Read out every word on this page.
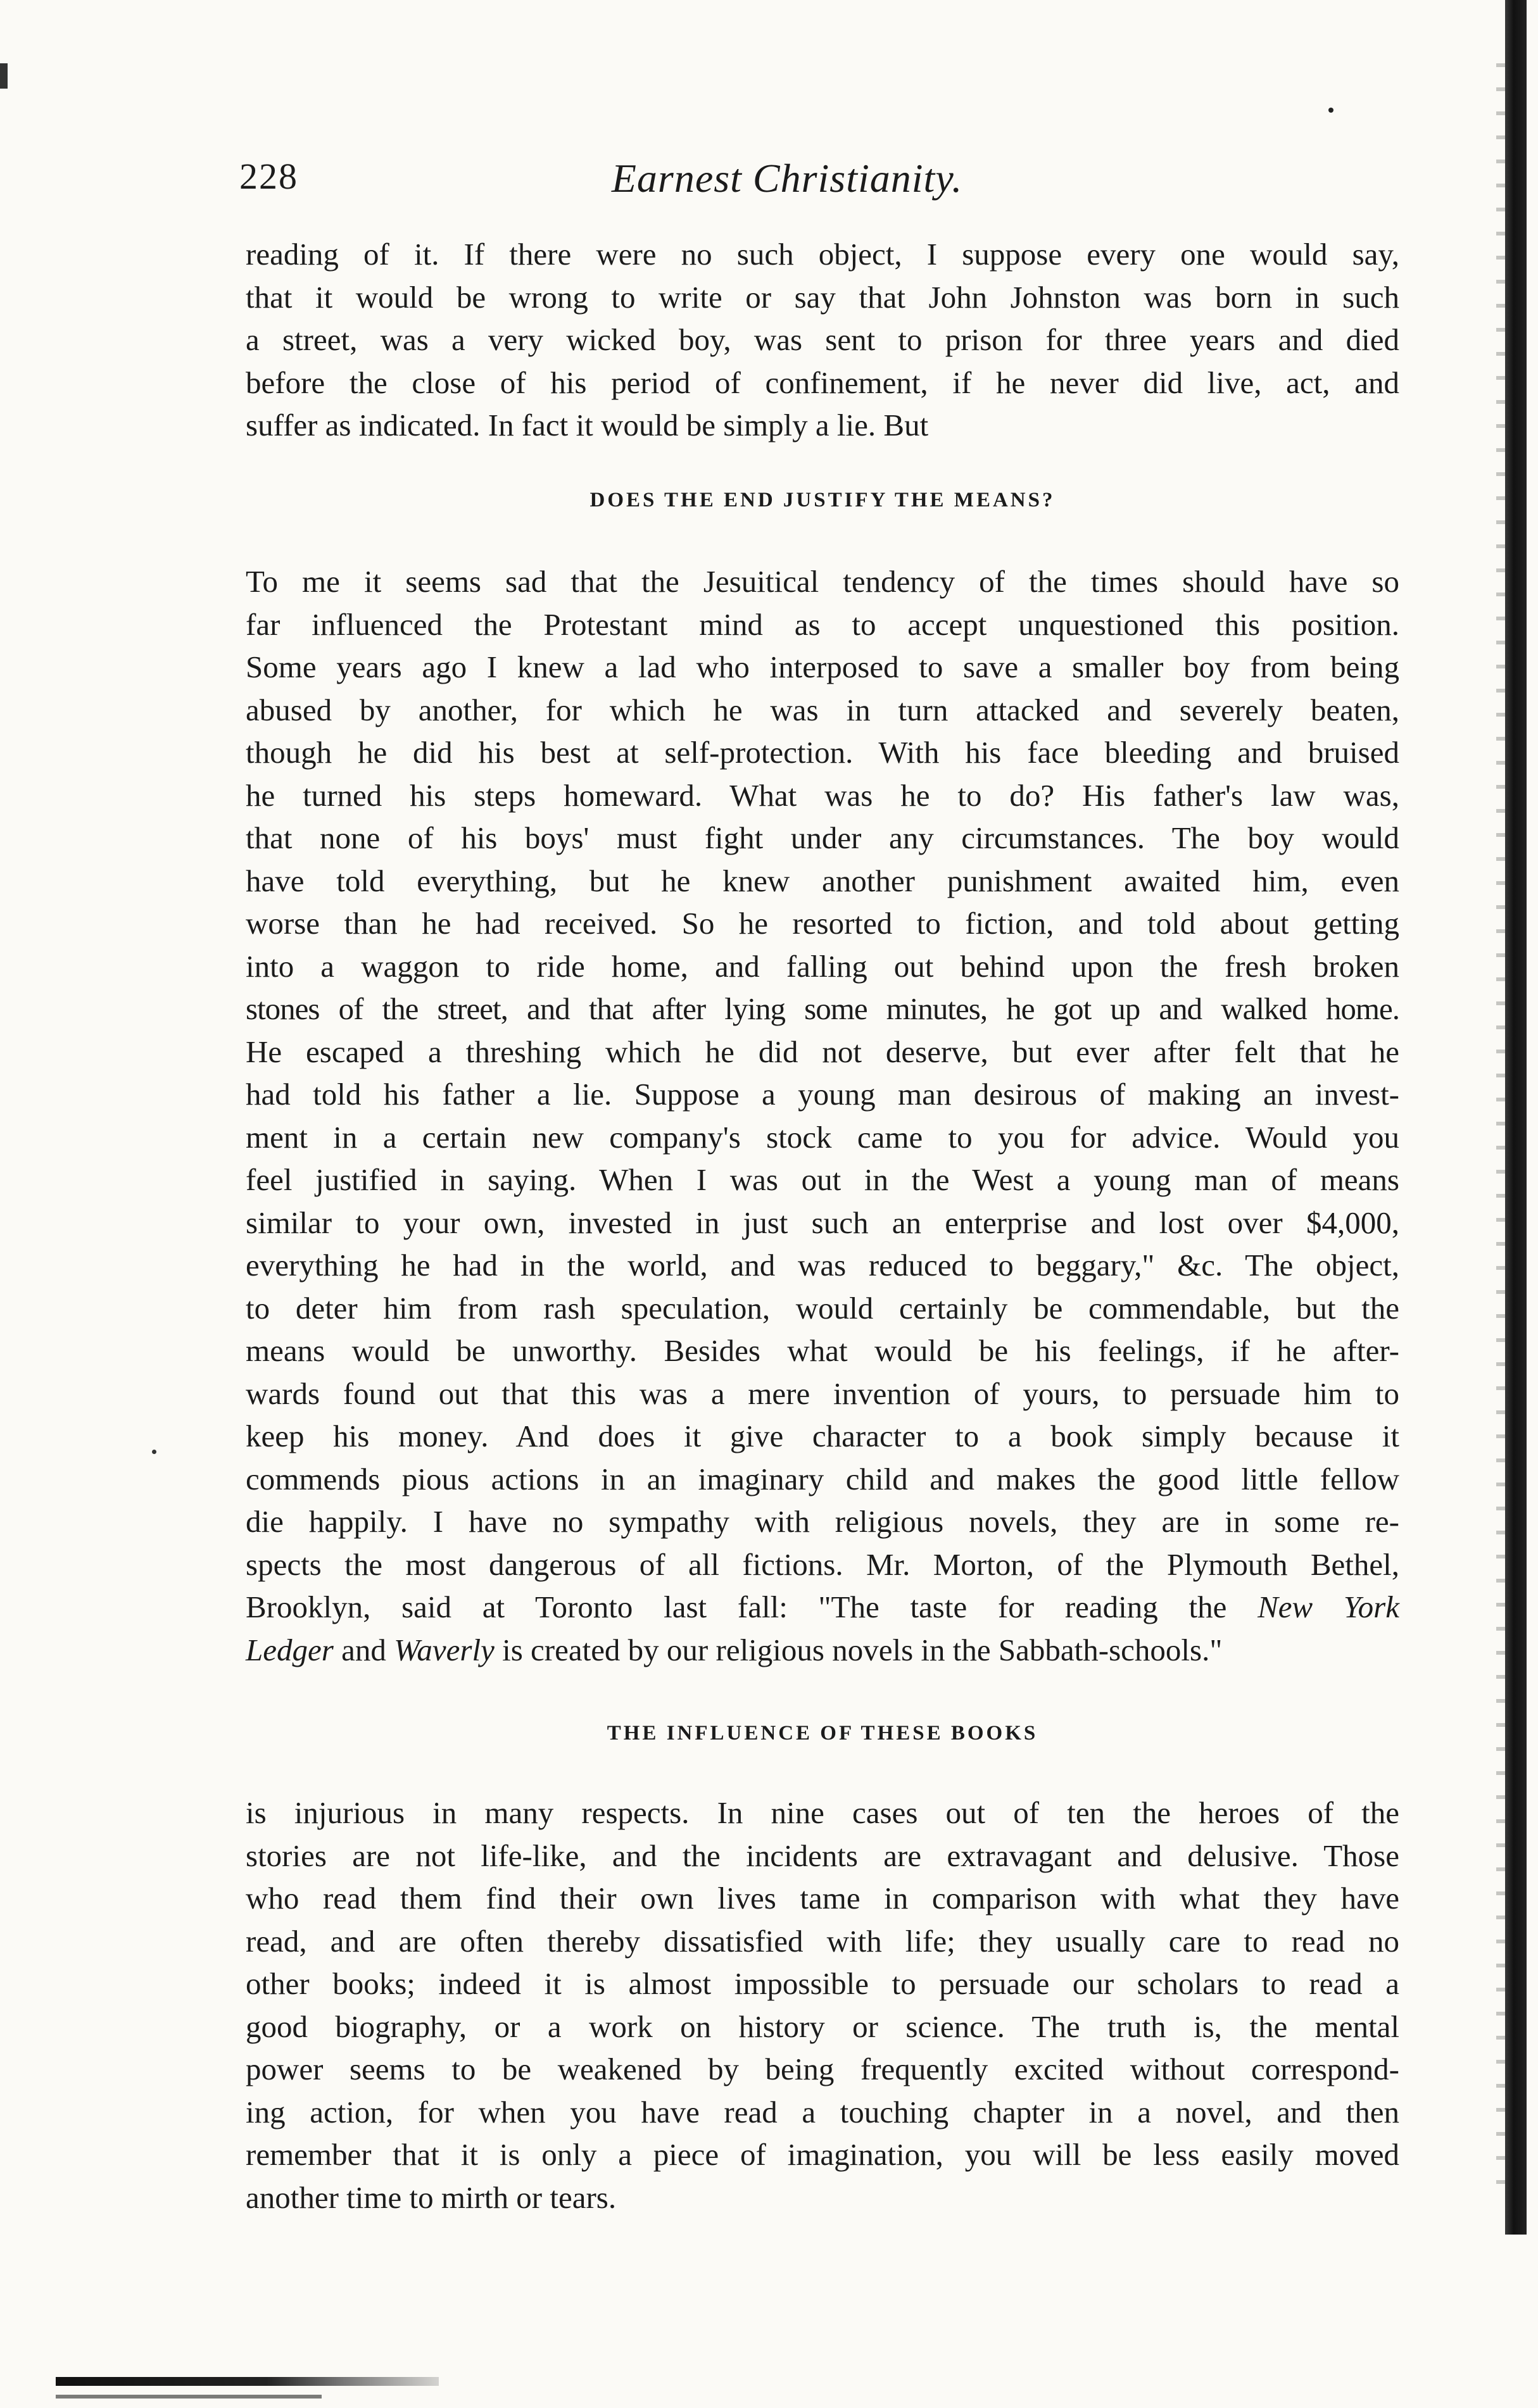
228	Earnest Christianity.

reading of it. If there were no such object, I suppose every one would say,
that it would be wrong to write or say that John Johnston was born in such
a street, was a very wicked boy, was sent to prison for three years and died
before the close of his period of confinement, if he never did live, act, and
suffer as indicated. In fact it would be simply a lie. But

DOES THE END JUSTIFY THE MEANS?

To me it seems sad that the Jesuitical tendency of the times should have so
far influenced the Protestant mind as to accept unquestioned this position.
Some years ago I knew a lad who interposed to save a smaller boy from being
abused by another, for which he was in turn attacked and severely beaten,
though he did his best at self-protection. With his face bleeding and bruised
he turned his steps homeward. What was he to do? His father's law was,
that none of his boys' must fight under any circumstances. The boy would
have told everything, but he knew another punishment awaited him, even
worse than he had received. So he resorted to fiction, and told about getting
into a waggon to ride home, and falling out behind upon the fresh broken
stones of the street, and that after lying some minutes, he got up and walked home.
He escaped a threshing which he did not deserve, but ever after felt that he
had told his father a lie. Suppose a young man desirous of making an invest-
ment in a certain new company's stock came to you for advice. Would you
feel justified in saying. When I was out in the West a young man of means
similar to your own, invested in just such an enterprise and lost over $4,000,
everything he had in the world, and was reduced to beggary," &c. The object,
to deter him from rash speculation, would certainly be commendable, but the
means would be unworthy. Besides what would be his feelings, if he after-
wards found out that this was a mere invention of yours, to persuade him to
keep his money. And does it give character to a book simply because it
commends pious actions in an imaginary child and makes the good little fellow
die happily. I have no sympathy with religious novels, they are in some re-
spects the most dangerous of all fictions. Mr. Morton, of the Plymouth Bethel,
Brooklyn, said at Toronto last fall: "The taste for reading the New York
Ledger and Waverly is created by our religious novels in the Sabbath-schools."

THE INFLUENCE OF THESE BOOKS

is injurious in many respects. In nine cases out of ten the heroes of the
stories are not life-like, and the incidents are extravagant and delusive. Those
who read them find their own lives tame in comparison with what they have
read, and are often thereby dissatisfied with life; they usually care to read no
other books; indeed it is almost impossible to persuade our scholars to read a
good biography, or a work on history or science. The truth is, the mental
power seems to be weakened by being frequently excited without correspond-
ing action, for when you have read a touching chapter in a novel, and then
remember that it is only a piece of imagination, you will be less easily moved
another time to mirth or tears.
